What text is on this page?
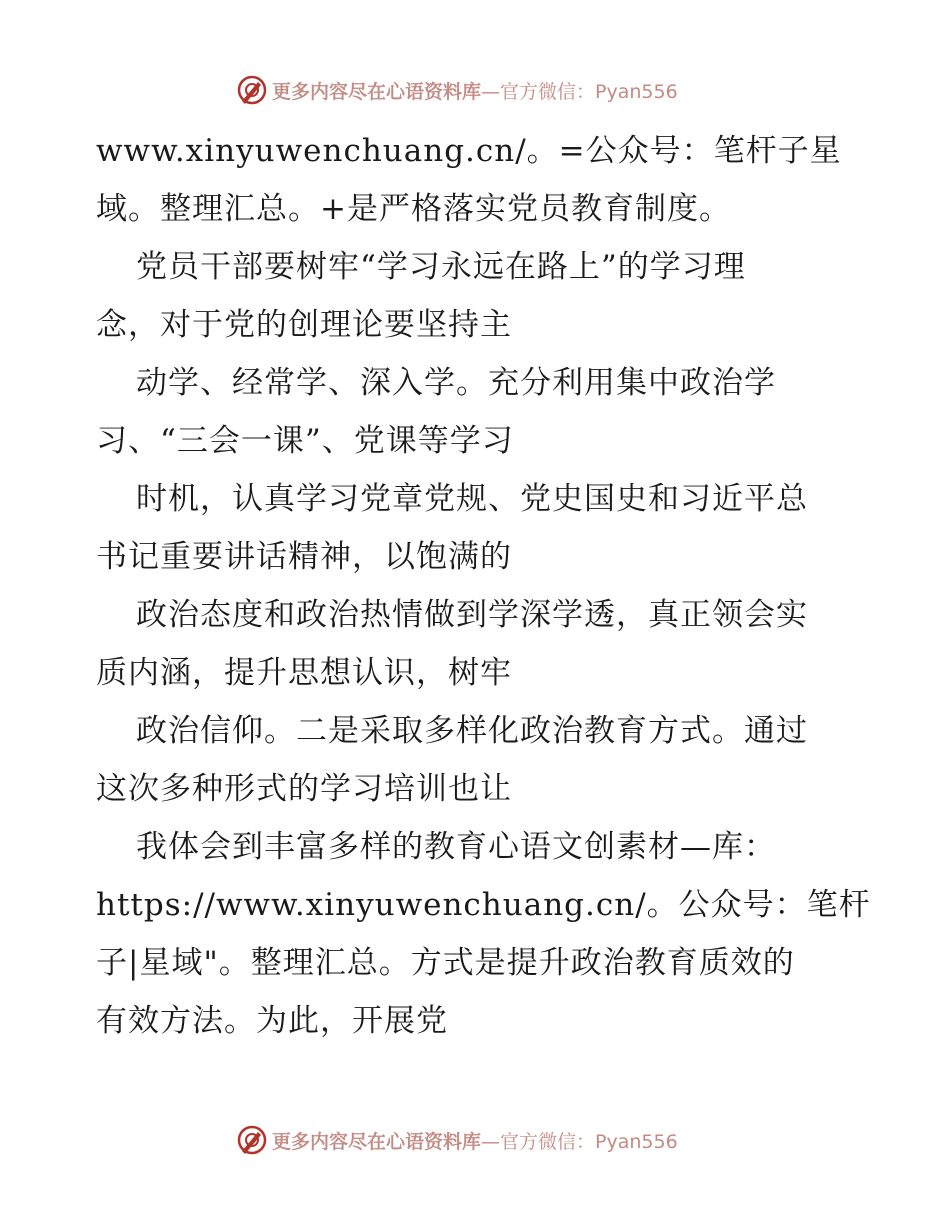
更多内容尽在心语资料库 —官方微信：Pyan556
www.xinyuwenchuang.cn/。=公众号：笔杆子星
域。整理汇总。+是严格落实党员教育制度。
党员干部要树牢“学习永远在路上”的学习理
念，对于党的创理论要坚持主
动学、经常学、深入学。充分利用集中政治学
习、“三会一课”、党课等学习
时机，认真学习党章党规、党史国史和习近平总
书记重要讲话精神，以饱满的
政治态度和政治热情做到学深学透，真正领会实
质内涵，提升思想认识，树牢
政治信仰。二是采取多样化政治教育方式。通过
这次多种形式的学习培训也让
我体会到丰富多样的教育心语文创素材—库：
https://www.xinyuwenchuang.cn/。公众号：笔杆
子|星域"。整理汇总。方式是提升政治教育质效的
有效方法。为此，开展党
更多内容尽在心语资料库 —官方微信：Pyan556
